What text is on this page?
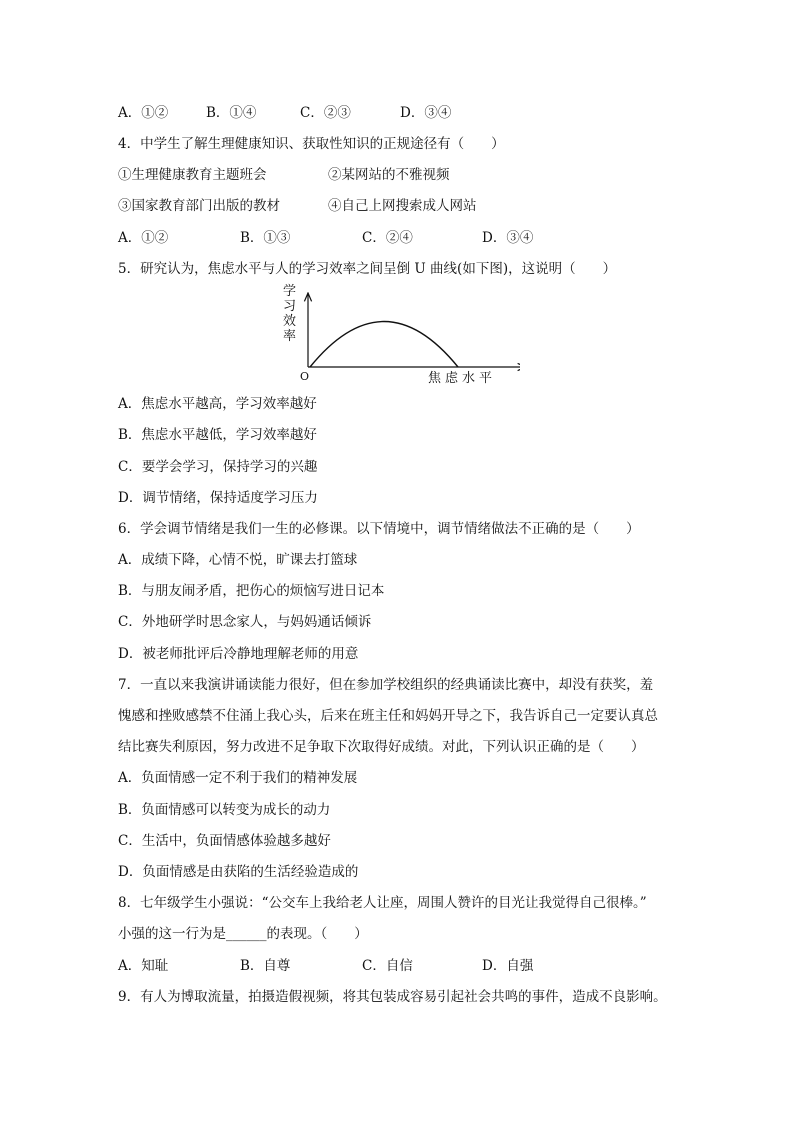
A．①②	B．①④	C．②③	D．③④
4．中学生了解生理健康知识、获取性知识的正规途径有（　　）
①生理健康教育主题班会	②某网站的不雅视频
③国家教育部门出版的教材	④自己上网搜索成人网站
A．①②	B．①③	C．②④	D．③④
5．研究认为，焦虑水平与人的学习效率之间呈倒 U 曲线(如下图)，这说明（　　）
学
习
效
率
O	焦虑水平
A．焦虑水平越高，学习效率越好
B．焦虑水平越低，学习效率越好
C．要学会学习，保持学习的兴趣
D．调节情绪，保持适度学习压力
6．学会调节情绪是我们一生的必修课。以下情境中，调节情绪做法不正确的是（　　）
A．成绩下降，心情不悦，旷课去打篮球
B．与朋友闹矛盾，把伤心的烦恼写进日记本
C．外地研学时思念家人，与妈妈通话倾诉
D．被老师批评后冷静地理解老师的用意
7．一直以来我演讲诵读能力很好，但在参加学校组织的经典诵读比赛中，却没有获奖，羞
愧感和挫败感禁不住涌上我心头，后来在班主任和妈妈开导之下，我告诉自己一定要认真总
结比赛失利原因，努力改进不足争取下次取得好成绩。对此，下列认识正确的是（　　）
A．负面情感一定不利于我们的精神发展
B．负面情感可以转变为成长的动力
C．生活中，负面情感体验越多越好
D．负面情感是由获陷的生活经验造成的
8．七年级学生小强说：“公交车上我给老人让座，周围人赞许的目光让我觉得自己很棒。”
小强的这一行为是______的表现。（　　）
A．知耻	B．自尊	C．自信	D．自强
9．有人为博取流量，拍摄造假视频，将其包装成容易引起社会共鸣的事件，造成不良影响。
